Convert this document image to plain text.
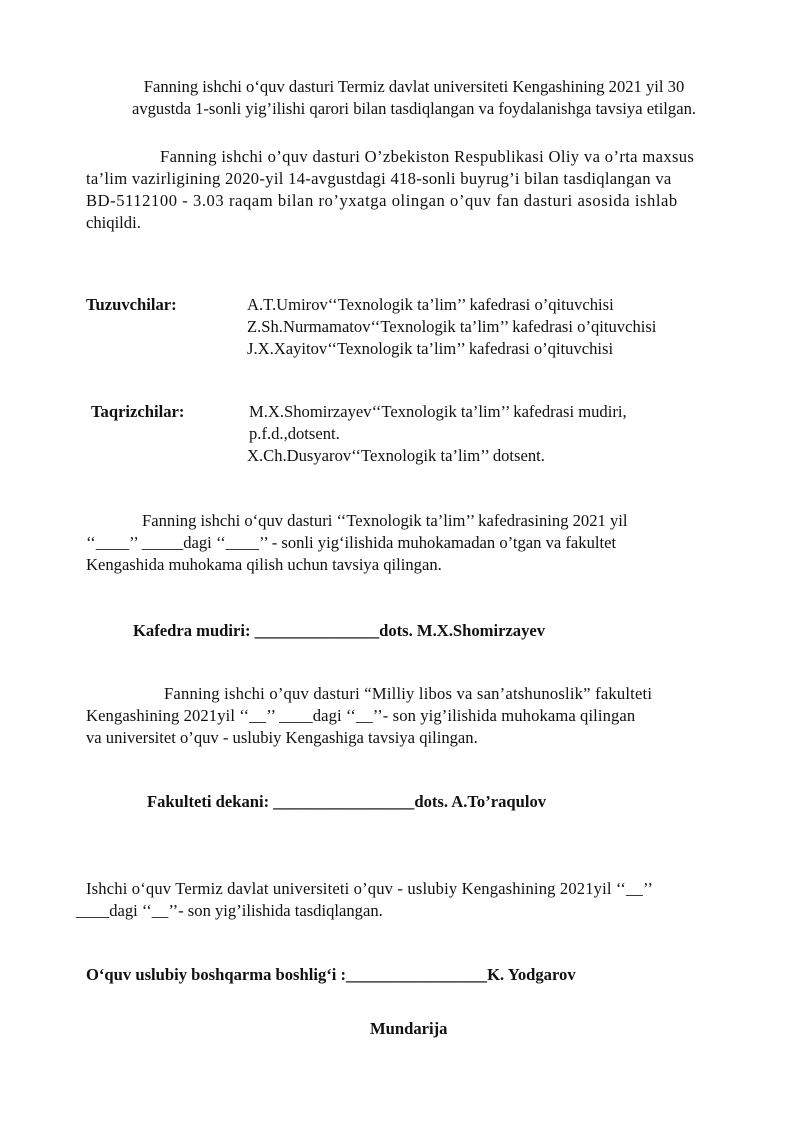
Fanning ishchi o‘quv dasturi Termiz davlat universiteti Kengashining 2021 yil 30
avgustda 1-sonli yig’ilishi qarori bilan tasdiqlangan va foydalanishga tavsiya etilgan.
Fanning ishchi o’quv dasturi O’zbekiston Respublikasi Oliy va o’rta maxsus
ta’lim vazirligining 2020-yil 14-avgustdagi 418-sonli buyrug’i bilan tasdiqlangan va
BD-5112100 - 3.03 raqam bilan ro’yxatga olingan o’quv fan dasturi asosida ishlab
chiqildi.
Tuzuvchilar:	A.T.Umirov‘‘Texnologik ta’lim’’ kafedrasi o’qituvchisi
Z.Sh.Nurmamatov‘‘Texnologik ta’lim’’ kafedrasi o’qituvchisi
J.X.Xayitov‘‘Texnologik ta’lim’’ kafedrasi o’qituvchisi
Taqrizchilar:	M.X.Shomirzayev‘‘Texnologik ta’lim’’ kafedrasi mudiri,
p.f.d.,dotsent.
X.Ch.Dusyarov‘‘Texnologik ta’lim’’ dotsent.
Fanning ishchi o‘quv dasturi ‘‘Texnologik ta’lim’’ kafedrasining 2021 yil
‘‘____’’ _____dagi ‘‘____’’ - sonli yig‘ilishida muhokamadan o’tgan va fakultet
Kengashida muhokama qilish uchun tavsiya qilingan.
Kafedra mudiri: _______________dots. M.X.Shomirzayev
Fanning ishchi o’quv dasturi “Milliy libos va san’atshunoslik” fakulteti
Kengashining 2021yil ‘‘__’’ ____dagi ‘‘__’’- son yig’ilishida muhokama qilingan
va universitet o’quv - uslubiy Kengashiga tavsiya qilingan.
Fakulteti dekani: _________________dots. A.To’raqulov
Ishchi o‘quv Termiz davlat universiteti o’quv - uslubiy Kengashining 2021yil ‘‘__’’
____dagi ‘‘__’’- son yig’ilishida tasdiqlangan.
O‘quv uslubiy boshqarma boshlig‘i :_________________K. Yodgarov
Mundarija
